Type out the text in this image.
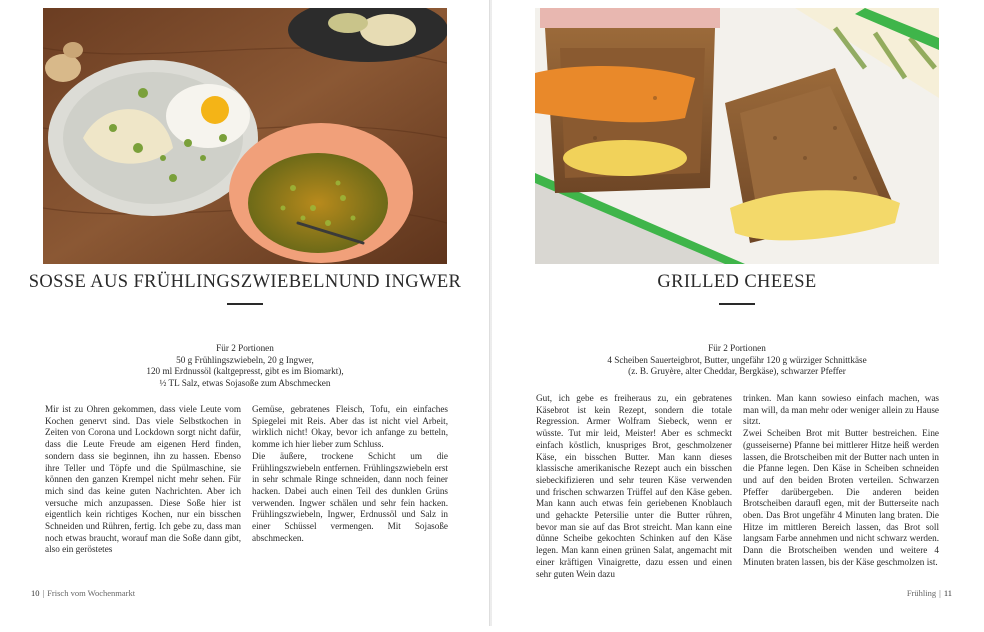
SOSSE AUS FRÜHLINGSZWIEBELNUND INGWER
Für 2 Portionen
50 g Frühlingszwiebeln, 20 g Ingwer,
120 ml Erdnussöl (kaltgepresst, gibt es im Biomarkt),
½ TL Salz, etwas Sojasoße zum Abschmecken

Mir ist zu Ohren gekommen, dass viele Leute vom Kochen genervt sind. Das viele Selbstkochen in Zeiten von Corona und Lockdown sorgt nicht dafür, dass die Leute Freude am eigenen Herd finden, sondern dass sie beginnen, ihn zu hassen. Ebenso ihre Teller und Töpfe und die Spülmaschine, sie können den ganzen Krempel nicht mehr sehen. Für mich sind das keine guten Nachrichten. Aber ich versuche mich anzupassen. Diese Soße hier ist eigentlich kein richtiges Kochen, nur ein bisschen Schneiden und Rühren, fertig. Ich gebe zu, dass man noch etwas braucht, worauf man die Soße dann gibt, also ein geröstetes

Gemüse, gebratenes Fleisch, Tofu, ein einfaches Spiegelei mit Reis. Aber das ist nicht viel Arbeit, wirklich nicht! Okay, bevor ich anfange zu betteln, komme ich hier lieber zum Schluss.

Die äußere, trockene Schicht um die Frühlingszwiebeln entfernen. Frühlingszwiebeln erst in sehr schmale Ringe schneiden, dann noch feiner hacken. Dabei auch einen Teil des dunklen Grüns verwenden. Ingwer schälen und sehr fein hacken. Frühlingszwiebeln, Ingwer, Erdnussöl und Salz in einer Schüssel vermengen. Mit Sojasoße abschmecken.

10 | Frisch vom Wochenmarkt
GRILLED CHEESE
Für 2 Portionen
4 Scheiben Sauerteigbrot, Butter, ungefähr 120 g würziger Schnittkäse
(z. B. Gruyère, alter Cheddar, Bergkäse), schwarzer Pfeffer

Gut, ich gebe es freiheraus zu, ein gebratenes Käsebrot ist kein Rezept, sondern die totale Regression. Armer Wolfram Siebeck, wenn er wüsste. Tut mir leid, Meister! Aber es schmeckt einfach köstlich, knuspriges Brot, geschmolzener Käse, ein bisschen Butter. Man kann dieses klassische amerikanische Rezept auch ein bisschen siebeckifizieren und sehr teuren Käse verwenden und frischen schwarzen Trüffel auf den Käse geben. Man kann auch etwas fein geriebenen Knoblauch und gehackte Petersilie unter die Butter rühren, bevor man sie auf das Brot streicht. Man kann eine dünne Scheibe gekochten Schinken auf den Käse legen. Man kann einen grünen Salat, angemacht mit einer kräftigen Vinaigrette, dazu essen und einen sehr guten Wein dazu

trinken. Man kann sowieso einfach machen, was man will, da man mehr oder weniger allein zu Hause sitzt.

Zwei Scheiben Brot mit Butter bestreichen. Eine (gusseiserne) Pfanne bei mittlerer Hitze heiß werden lassen, die Brotscheiben mit der Butter nach unten in die Pfanne legen. Den Käse in Scheiben schneiden und auf den beiden Broten verteilen. Schwarzen Pfeffer darübergeben. Die anderen beiden Brotscheiben daraufl egen, mit der Butterseite nach oben. Das Brot ungefähr 4 Minuten lang braten. Die Hitze im mittleren Bereich lassen, das Brot soll langsam Farbe annehmen und nicht schwarz werden. Dann die Brotscheiben wenden und weitere 4 Minuten braten lassen, bis der Käse geschmolzen ist.

Frühling | 11
